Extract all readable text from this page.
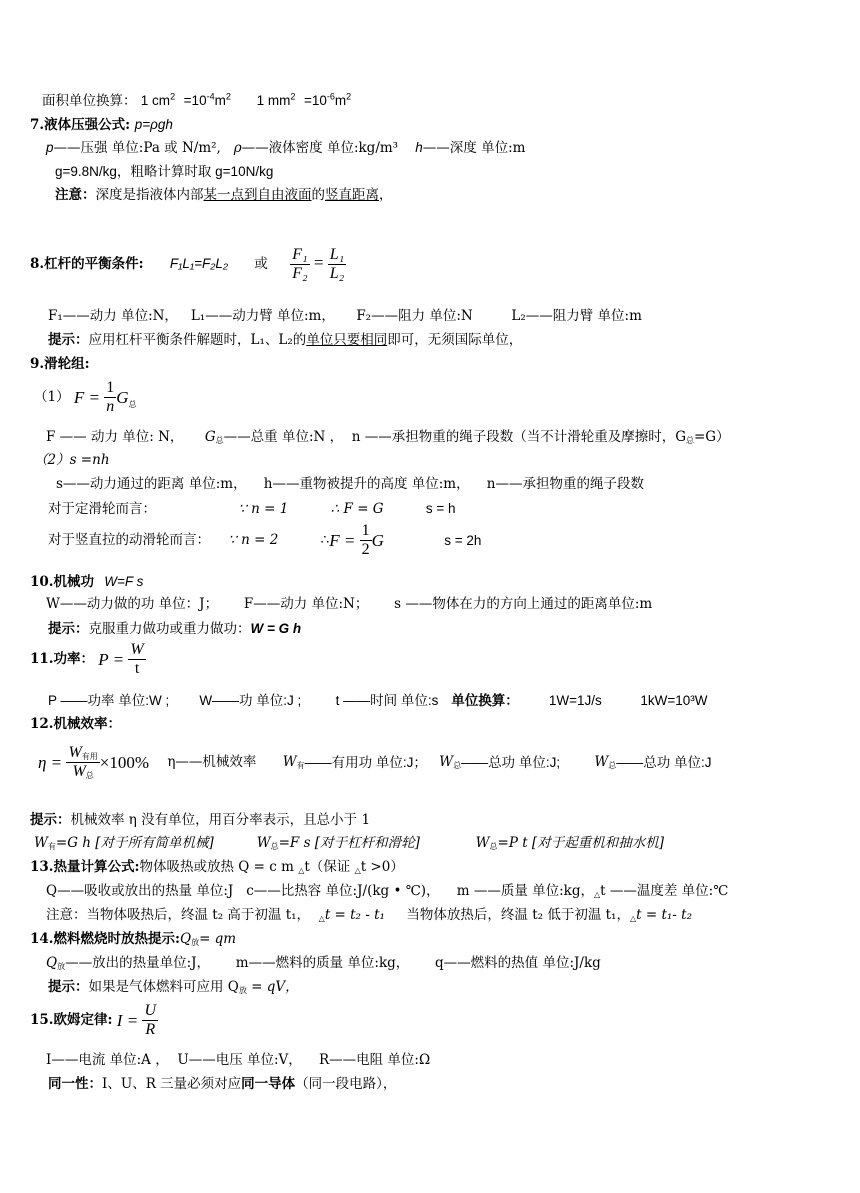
面积单位换算： 1 $cm^2 =10^{-4}m^2$ 1 $mm^2 =10^{-6}m^2$
7.液体压强公式: p=ρgh
p——压强 单位:Pa 或 N/m²,   ρ——液体密度 单位:kg/m³ h——深度 单位:m
g=9.8N/kg，粗略计算时取 g=10N/kg
注意：深度是指液体内部某一点到自由液面的竖直距离，
8.杠杆的平衡条件: F₁L₁=F₂L₂ 或 $\frac{\text{F₁}}{\text{F₂}} = \frac{\text{L₁}}{\text{L₂}}$
F₁——动力 单位:N， L₁——动力臂 单位:m， F₂——阻力 单位:N	L₂——阻力臂 单位:m
提示：应用杠杆平衡条件解题时，L₁、L₂的单位只要相同即可，无须国际单位，
9.滑轮组:
（1） $F = \frac{1}{n} G_总$
F —— 动力 单位: N， G总——总重 单位:N ， n ——承担物重的绳子段数（当不计滑轮重及摩擦时，G总=G）
（2）s =nh
s——动力通过的距离 单位:m， h——重物被提升的高度 单位:m， n——承担物重的绳子段数
对于定滑轮而言：	∵ n = 1	∴ F = G	s = h
对于竖直拉的动滑轮而言： ∵ n = 2	∴F = $\frac{1}{2}$ G	s = 2h
10.机械功 W=F s
W——动力做的功 单位：J； F——动力 单位:N； s ——物体在力的方向上通过的距离单位:m
提示：克服重力做功或重力做功：W = G h
11.功率： $P = \frac{W}{t}$
P ——功率 单位:W ; W——功 单位:J ;	t ——时间 单位:s 单位换算： 1W=1J/s	1kW=10³W
12.机械效率：
$\eta = \frac{\text{W有用}}{\text{W总}} \times 100\%$ η——机械效率 W有——有用功 单位:J； W总——总功 单位:J;	W总——总功 单位:J
提示：机械效率 η 没有单位，用百分率表示，且总小于 1
W有=G h [对于所有简单机械]	W总=F s [对于杠杆和滑轮]	W总=P t [对于起重机和抽水机]
13.热量计算公式:物体吸热或放热 Q = c m △t（保证 △t >0）
Q——吸收或放出的热量 单位:J c——比热容 单位:J/(kg • ℃)， m ——质量 单位:kg，△t ——温度差 单位:℃
注意：当物体吸热后，终温 t₂ 高于初温 t₁， △t = t₂ - t₁ 当物体放热后，终温 t₂ 低于初温 t₁，△t = t₁- t₂
14.燃料燃烧时放热提示:Q放= qm
Q放——放出的热量单位:J， m——燃料的质量 单位:kg， q——燃料的热值 单位:J/kg
提示：如果是气体燃料可应用 Q放 = qV，
15.欧姆定律: $I = \frac{U}{R}$
I——电流 单位:A ， U——电压 单位:V， R——电阻 单位:Ω
同一性：I、U、R 三量必须对应同一导体（同一段电路），
